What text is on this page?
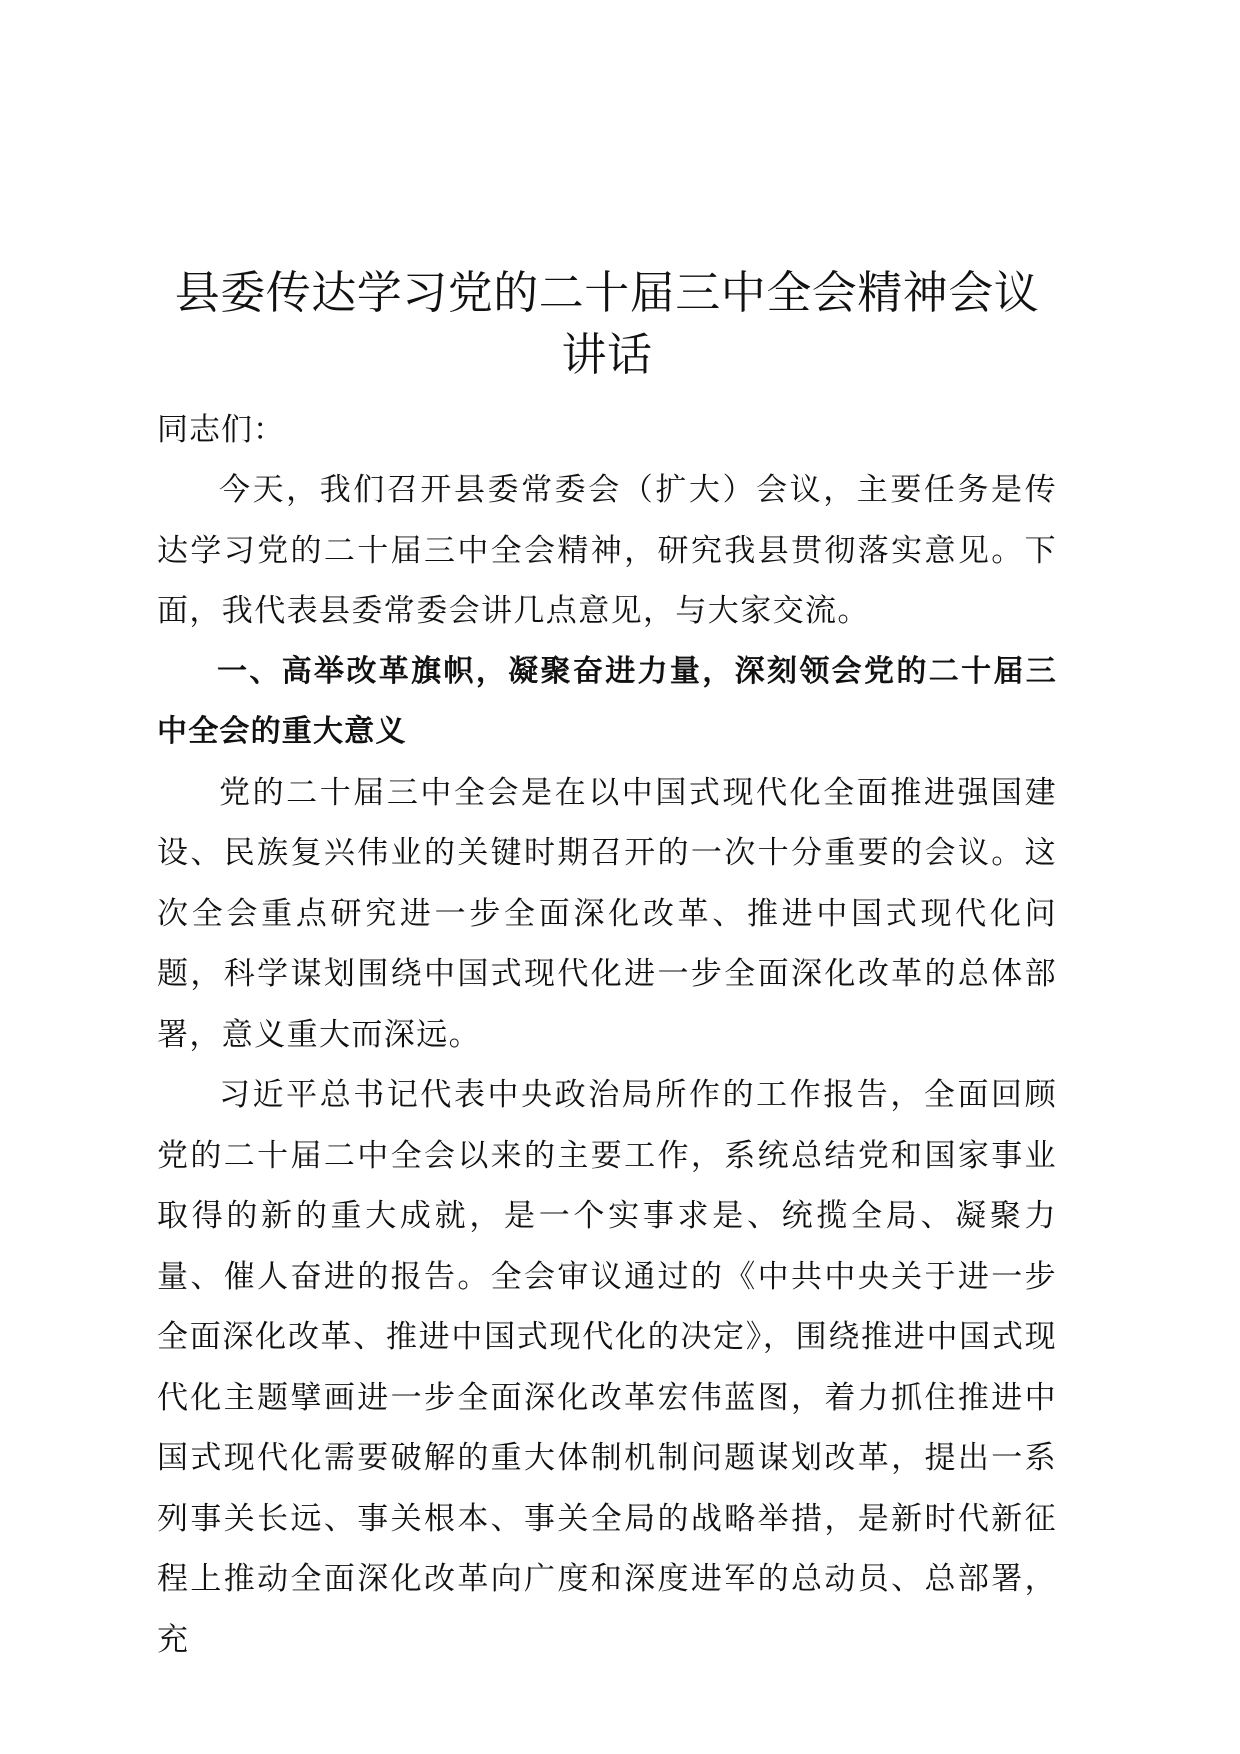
县委传达学习党的二十届三中全会精神会议讲话

同志们：

今天，我们召开县委常委会（扩大）会议，主要任务是传达学习党的二十届三中全会精神，研究我县贯彻落实意见。下面，我代表县委常委会讲几点意见，与大家交流。

一、高举改革旗帜，凝聚奋进力量，深刻领会党的二十届三中全会的重大意义

党的二十届三中全会是在以中国式现代化全面推进强国建设、民族复兴伟业的关键时期召开的一次十分重要的会议。这次全会重点研究进一步全面深化改革、推进中国式现代化问题，科学谋划围绕中国式现代化进一步全面深化改革的总体部署，意义重大而深远。

习近平总书记代表中央政治局所作的工作报告，全面回顾党的二十届二中全会以来的主要工作，系统总结党和国家事业取得的新的重大成就，是一个实事求是、统揽全局、凝聚力量、催人奋进的报告。全会审议通过的《中共中央关于进一步全面深化改革、推进中国式现代化的决定》，围绕推进中国式现代化主题擘画进一步全面深化改革宏伟蓝图，着力抓住推进中国式现代化需要破解的重大体制机制问题谋划改革，提出一系列事关长远、事关根本、事关全局的战略举措，是新时代新征程上推动全面深化改革向广度和深度进军的总动员、总部署，充
